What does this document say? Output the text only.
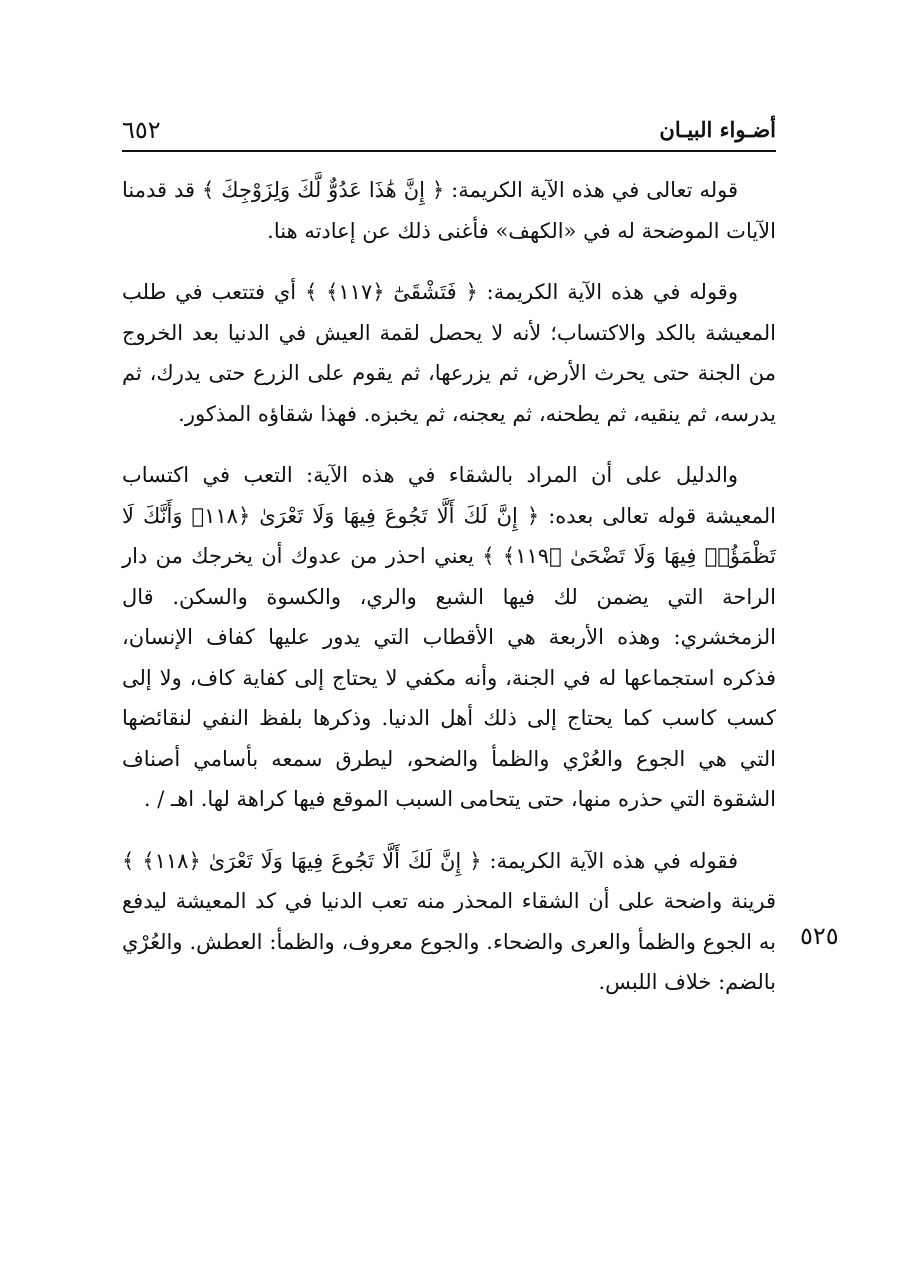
أضـواء البيـان
٦٥٢

قوله تعالى في هذه الآية الكريمة: ﴿ إِنَّ هَٰذَا عَدُوٌّ لَّكَ وَلِزَوْجِكَ ﴾ قد قدمنا الآيات الموضحة له في «الكهف» فأغنى ذلك عن إعادته هنا.

وقوله في هذه الآية الكريمة: ﴿ فَتَشْقَىٰٓ ﴿١١٧﴾ ﴾ أي فتتعب في طلب المعيشة بالكد والاكتساب؛ لأنه لا يحصل لقمة العيش في الدنيا بعد الخروج من الجنة حتى يحرث الأرض، ثم يزرعها، ثم يقوم على الزرع حتى يدرك، ثم يدرسه، ثم ينقيه، ثم يطحنه، ثم يعجنه، ثم يخبزه. فهذا شقاؤه المذكور.

والدليل على أن المراد بالشقاء في هذه الآية: التعب في اكتساب المعيشة قوله تعالى بعده: ﴿ إِنَّ لَكَ أَلَّا تَجُوعَ فِيهَا وَلَا تَعْرَىٰ ﴿١١٨﴾ وَأَنَّكَ لَا تَظْمَؤُا۟ فِيهَا وَلَا تَضْحَىٰ ﴿١١٩﴾ ﴾ يعني احذر من عدوك أن يخرجك من دار الراحة التي يضمن لك فيها الشبع والري، والكسوة والسكن. قال الزمخشري: وهذه الأربعة هي الأقطاب التي يدور عليها كفاف الإنسان، فذكره استجماعها له في الجنة، وأنه مكفي لا يحتاج إلى كفاية كاف، ولا إلى كسب كاسب كما يحتاج إلى ذلك أهل الدنيا. وذكرها بلفظ النفي لنقائضها التي هي الجوع والعُرْي والظمأ والضحو، ليطرق سمعه بأسامي أصناف الشقوة التي حذره منها، حتى يتحامى السبب الموقع فيها كراهة لها. اهـ / .

فقوله في هذه الآية الكريمة: ﴿ إِنَّ لَكَ أَلَّا تَجُوعَ فِيهَا وَلَا تَعْرَىٰ ﴿١١٨﴾ ﴾ قرينة واضحة على أن الشقاء المحذر منه تعب الدنيا في كد المعيشة ليدفع به الجوع والظمأ والعرى والضحاء. والجوع معروف، والظمأ: العطش. والعُرْي بالضم: خلاف اللبس.

٥٢٥
